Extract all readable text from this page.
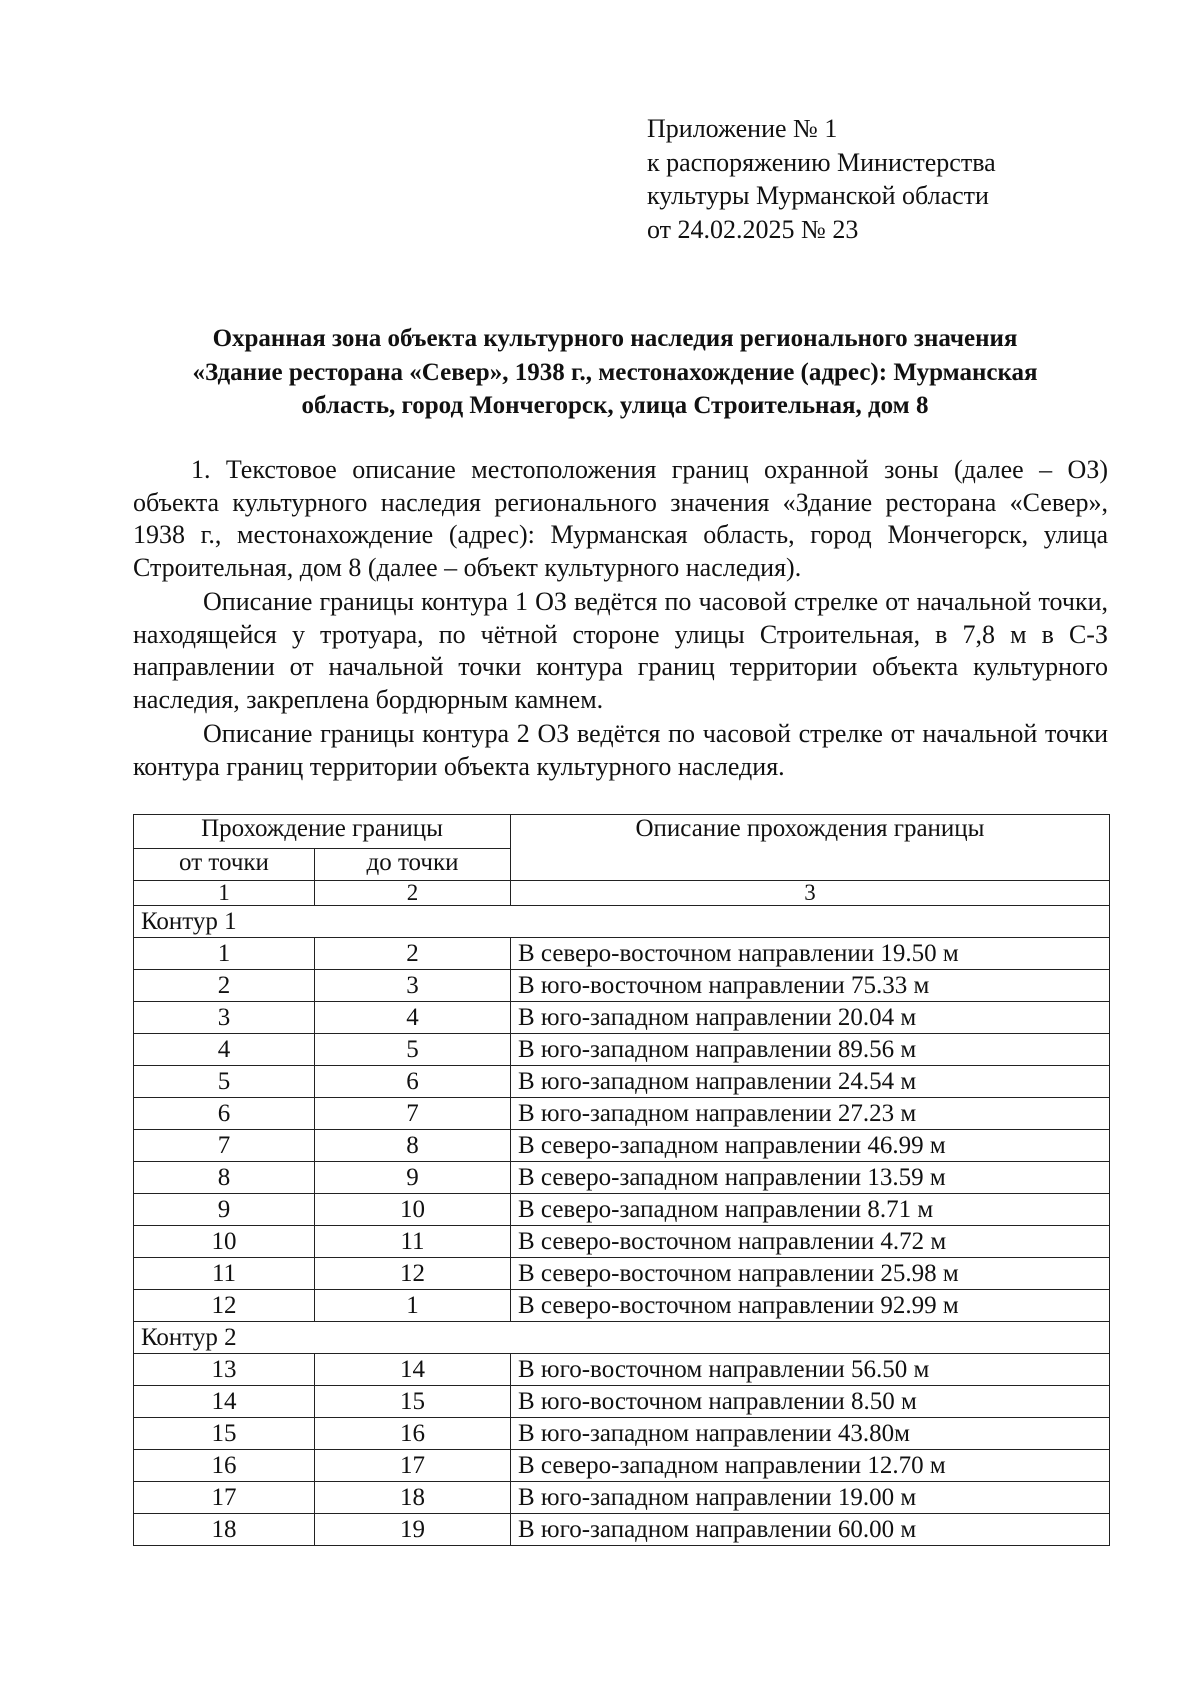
Приложение № 1
к распоряжению Министерства
культуры Мурманской области
от 24.02.2025 № 23
Охранная зона объекта культурного наследия регионального значения
«Здание ресторана «Север», 1938 г., местонахождение (адрес): Мурманская
область, город Мончегорск, улица Строительная, дом 8

1. Текстовое описание местоположения границ охранной зоны (далее – ОЗ) объекта культурного наследия регионального значения «Здание ресторана «Север», 1938 г., местонахождение (адрес): Мурманская область, город Мончегорск, улица Строительная, дом 8 (далее – объект культурного наследия).

Описание границы контура 1 ОЗ ведётся по часовой стрелке от начальной точки, находящейся у тротуара, по чётной стороне улицы Строительная, в 7,8 м в С-З направлении от начальной точки контура границ территории объекта культурного наследия, закреплена бордюрным камнем.

Описание границы контура 2 ОЗ ведётся по часовой стрелке от начальной точки контура границ территории объекта культурного наследия.

Прохождение границы		Описание прохождения границы
от точки	до точки	
1	2	3
Контур 1		
1	2	В северо-восточном направлении 19.50 м
2	3	В юго-восточном направлении 75.33 м
3	4	В юго-западном направлении 20.04 м
4	5	В юго-западном направлении 89.56 м
5	6	В юго-западном направлении 24.54 м
6	7	В юго-западном направлении 27.23 м
7	8	В северо-западном направлении 46.99 м
8	9	В северо-западном направлении 13.59 м
9	10	В северо-западном направлении 8.71 м
10	11	В северо-восточном направлении 4.72 м
11	12	В северо-восточном направлении 25.98 м
12	1	В северо-восточном направлении 92.99 м
Контур 2		
13	14	В юго-восточном направлении 56.50 м
14	15	В юго-восточном направлении 8.50 м
15	16	В юго-западном направлении 43.80м
16	17	В северо-западном направлении 12.70 м
17	18	В юго-западном направлении 19.00 м
18	19	В юго-западном направлении 60.00 м
